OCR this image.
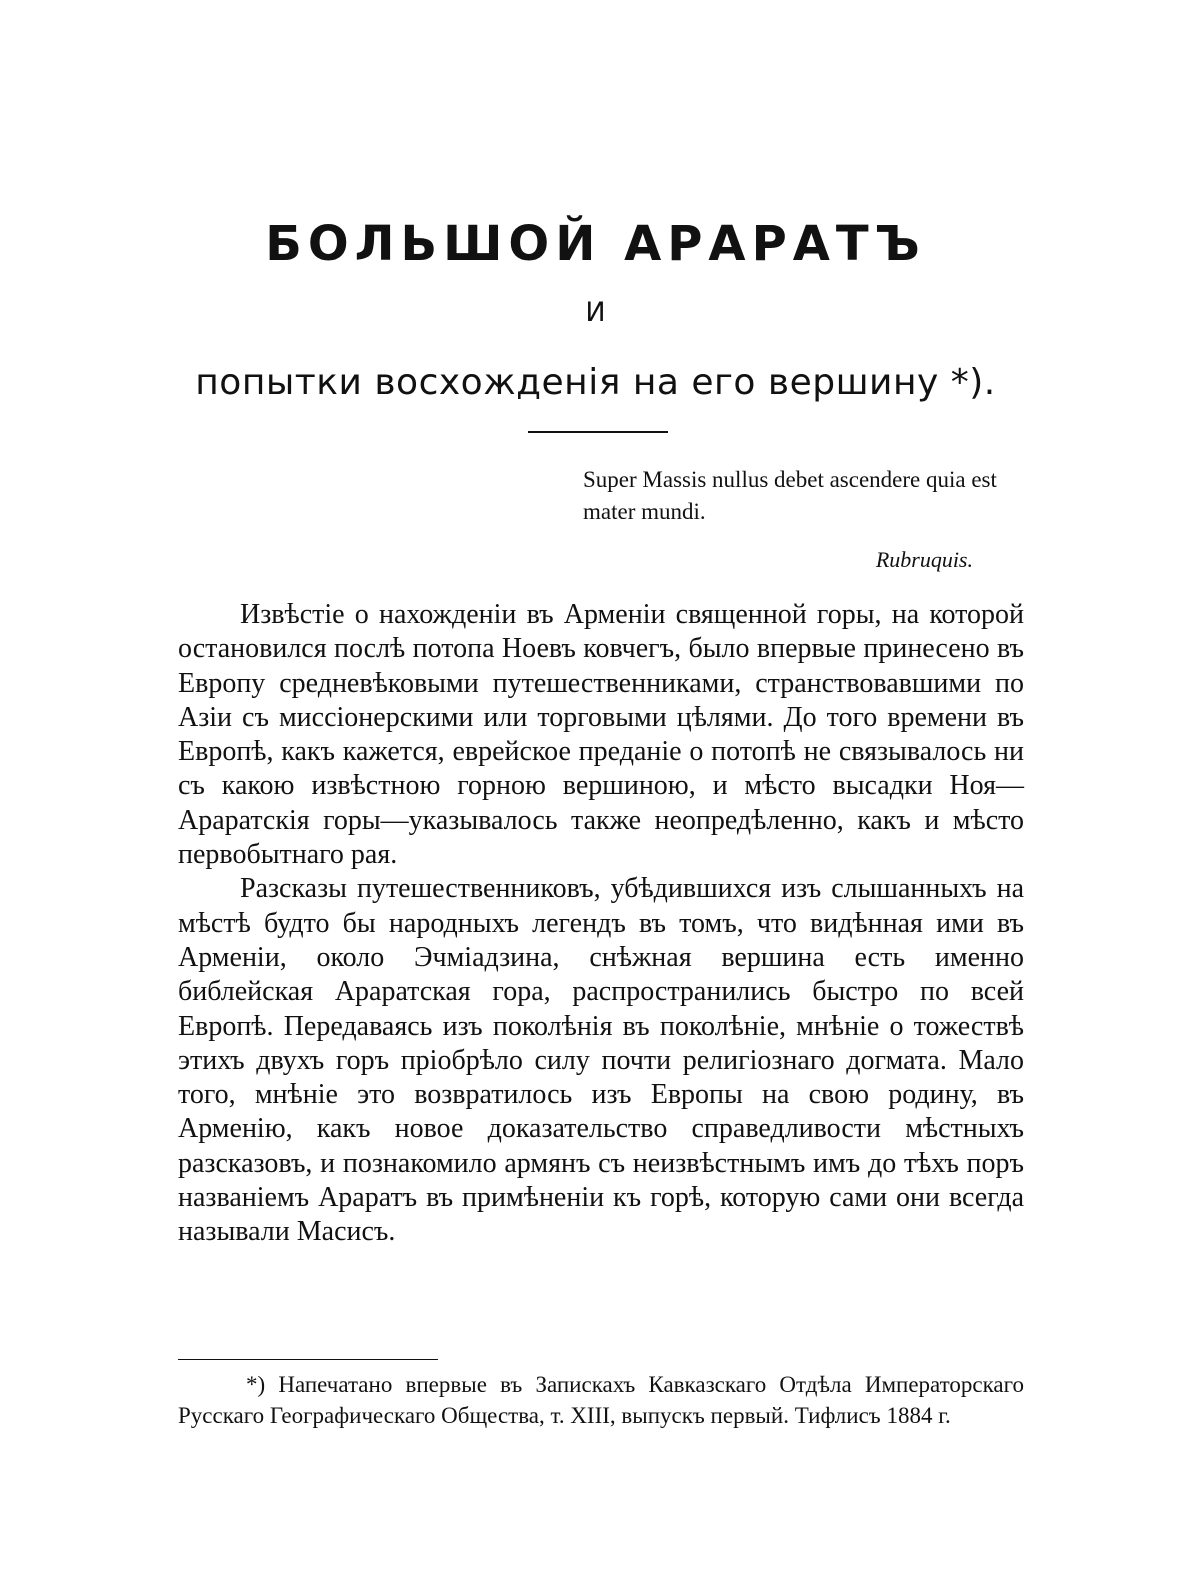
БОЛЬШОЙ АРАРАТЪ
И
попытки восхожденія на его вершину *).
Super Massis nullus debet ascendere quia est mater mundi.
Rubruquis.

Извѣстіе о нахожденіи въ Арменіи священной горы, на которой остановился послѣ потопа Ноевъ ковчегъ, было впервые принесено въ Европу средневѣковыми путешественниками, странствовавшими по Азіи съ миссіонерскими или торговыми цѣлями. До того времени въ Европѣ, какъ кажется, еврейское преданіе о потопѣ не связывалось ни съ какою извѣстною горною вершиною, и мѣсто высадки Ноя—Араратскія горы—указывалось также неопредѣленно, какъ и мѣсто первобытнаго рая.

Разсказы путешественниковъ, убѣдившихся изъ слышанныхъ на мѣстѣ будто бы народныхъ легендъ въ томъ, что видѣнная ими въ Арменіи, около Эчміадзина, снѣжная вершина есть именно библейская Араратская гора, распространились быстро по всей Европѣ. Передаваясь изъ поколѣнія въ поколѣніе, мнѣніе о тожествѣ этихъ двухъ горъ пріобрѣло силу почти религіознаго догмата. Мало того, мнѣніе это возвратилось изъ Европы на свою родину, въ Арменію, какъ новое доказательство справедливости мѣстныхъ разсказовъ, и познакомило армянъ съ неизвѣстнымъ имъ до тѣхъ поръ названіемъ Араратъ въ примѣненіи къ горѣ, которую сами они всегда называли Масисъ.

*) Напечатано впервые въ Запискахъ Кавказскаго Отдѣла Императорскаго Русскаго Географическаго Общества, т. XIII, выпускъ первый. Тифлисъ 1884 г.
